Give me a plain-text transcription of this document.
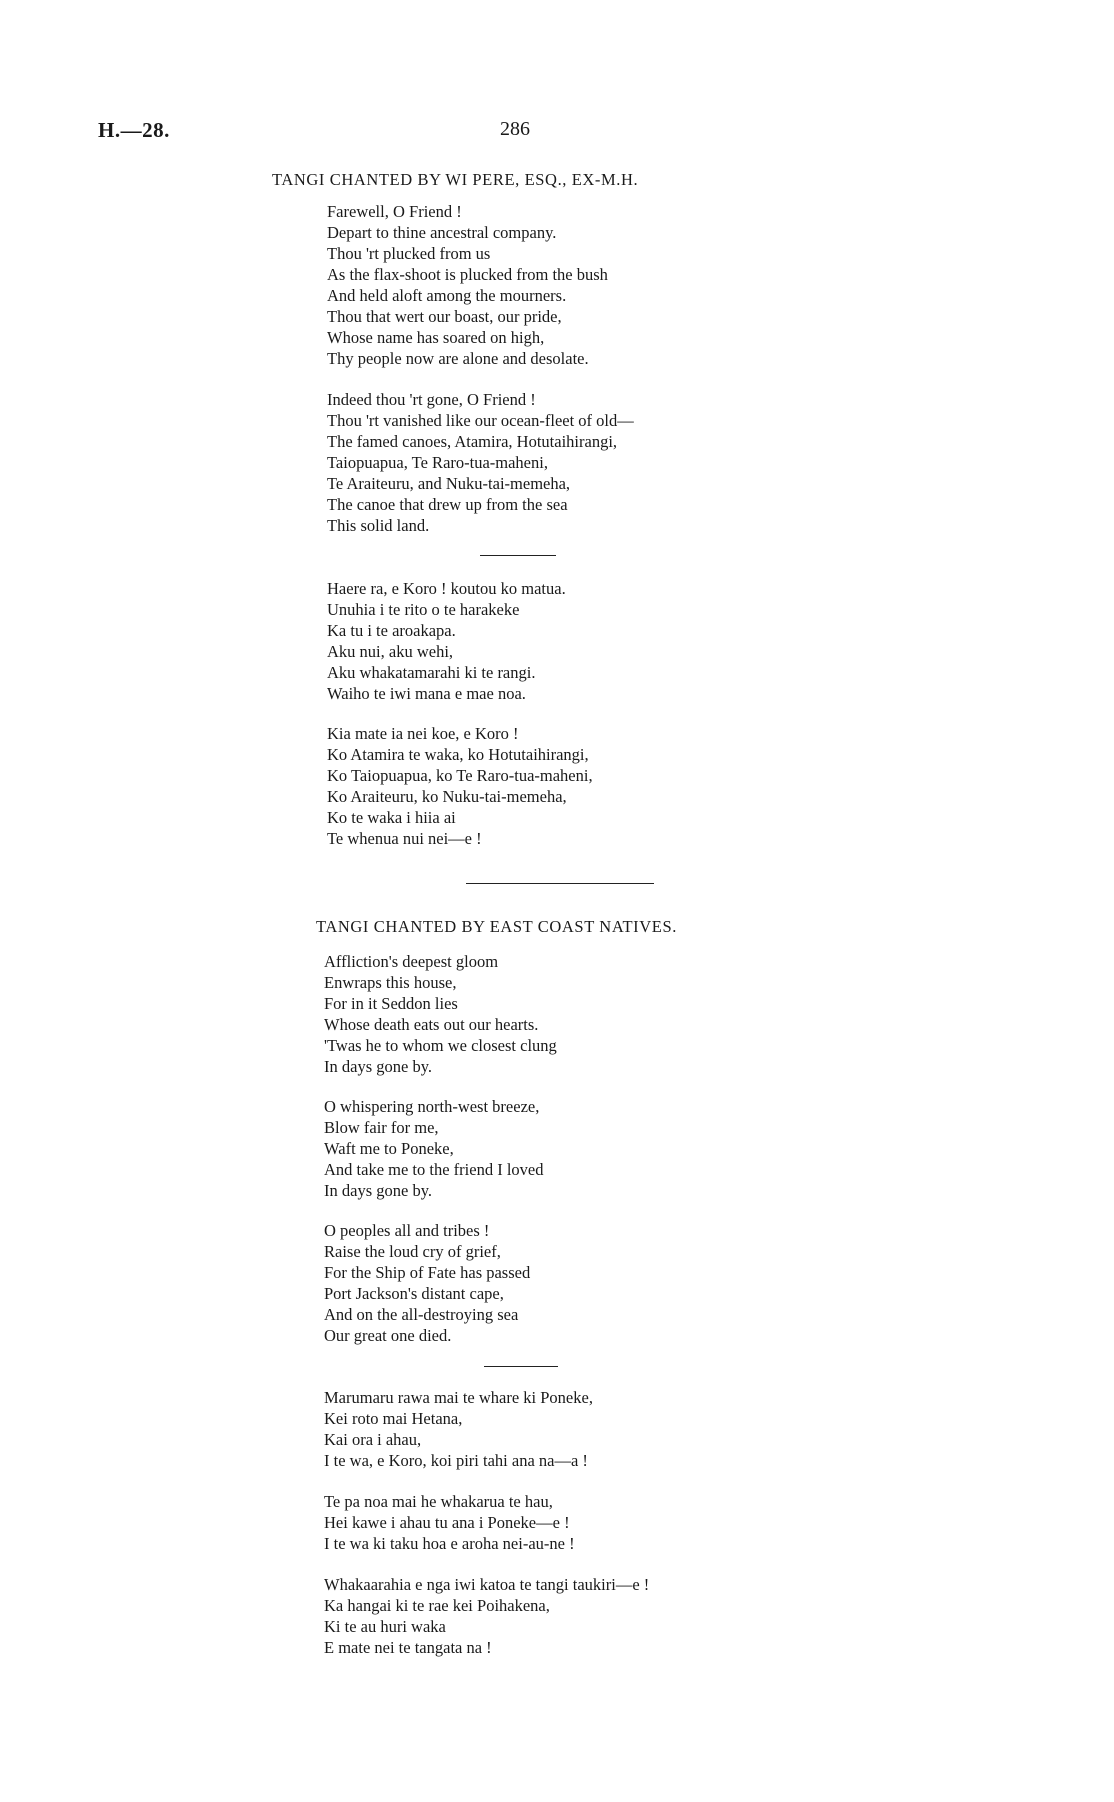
H.—28.	286
TANGI CHANTED BY WI PERE, ESQ., EX-M.H.
Farewell, O Friend !
Depart to thine ancestral company.
Thou 'rt plucked from us
As the flax-shoot is plucked from the bush
And held aloft among the mourners.
Thou that wert our boast, our pride,
Whose name has soared on high,
Thy people now are alone and desolate.
Indeed thou 'rt gone, O Friend !
Thou 'rt vanished like our ocean-fleet of old—
The famed canoes, Atamira, Hotutaihirangi,
Taiopuapua, Te Raro-tua-maheni,
Te Araiteuru, and Nuku-tai-memeha,
The canoe that drew up from the sea
This solid land.
Haere ra, e Koro ! koutou ko matua.
Unuhia i te rito o te harakeke
Ka tu i te aroakapa.
Aku nui, aku wehi,
Aku whakatamarahi ki te rangi.
Waiho te iwi mana e mae noa.
Kia mate ia nei koe, e Koro !
Ko Atamira te waka, ko Hotutaihirangi,
Ko Taiopuapua, ko Te Raro-tua-maheni,
Ko Araiteuru, ko Nuku-tai-memeha,
Ko te waka i hiia ai
Te whenua nui nei—e !
TANGI CHANTED BY EAST COAST NATIVES.
Affliction's deepest gloom
Enwraps this house,
For in it Seddon lies
Whose death eats out our hearts.
'Twas he to whom we closest clung
In days gone by.
O whispering north-west breeze,
Blow fair for me,
Waft me to Poneke,
And take me to the friend I loved
In days gone by.
O peoples all and tribes !
Raise the loud cry of grief,
For the Ship of Fate has passed
Port Jackson's distant cape,
And on the all-destroying sea
Our great one died.
Marumaru rawa mai te whare ki Poneke,
Kei roto mai Hetana,
Kai ora i ahau,
I te wa, e Koro, koi piri tahi ana na—a !
Te pa noa mai he whakarua te hau,
Hei kawe i ahau tu ana i Poneke—e !
I te wa ki taku hoa e aroha nei-au-ne !
Whakaarahia e nga iwi katoa te tangi taukiri—e !
Ka hangai ki te rae kei Poihakena,
Ki te au huri waka
E mate nei te tangata na !
